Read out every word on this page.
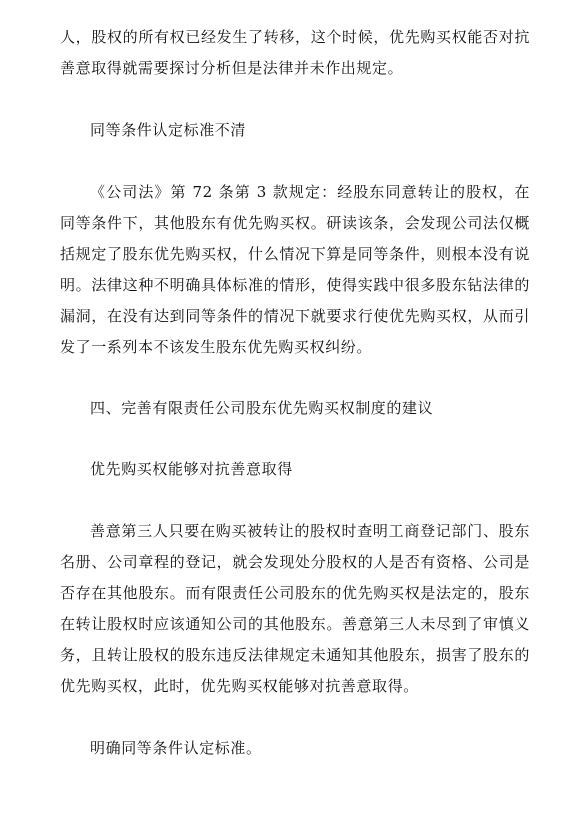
人，股权的所有权已经发生了转移，这个时候，优先购买权能否对抗善意取得就需要探讨分析但是法律并未作出规定。

同等条件认定标准不清

《公司法》第 72 条第 3 款规定：经股东同意转让的股权，在同等条件下，其他股东有优先购买权。研读该条，会发现公司法仅概括规定了股东优先购买权，什么情况下算是同等条件，则根本没有说明。法律这种不明确具体标准的情形，使得实践中很多股东钻法律的漏洞，在没有达到同等条件的情况下就要求行使优先购买权，从而引发了一系列本不该发生股东优先购买权纠纷。

四、完善有限责任公司股东优先购买权制度的建议

优先购买权能够对抗善意取得

善意第三人只要在购买被转让的股权时查明工商登记部门、股东名册、公司章程的登记，就会发现处分股权的人是否有资格、公司是否存在其他股东。而有限责任公司股东的优先购买权是法定的，股东在转让股权时应该通知公司的其他股东。善意第三人未尽到了审慎义务，且转让股权的股东违反法律规定未通知其他股东，损害了股东的优先购买权，此时，优先购买权能够对抗善意取得。

明确同等条件认定标准。
